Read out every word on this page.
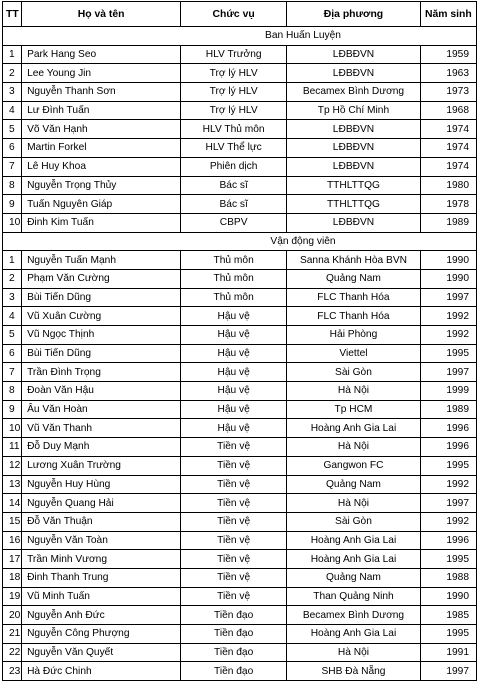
TT	Họ và tên	Chức vụ	Địa phương	Năm sinh
Ban Huấn Luyện				
1	Park Hang Seo	HLV Trưởng	LĐBĐVN	1959
2	Lee Young Jin	Trợ lý HLV	LĐBĐVN	1963
3	Nguyễn Thanh Sơn	Trợ lý HLV	Becamex Bình Dương	1973
4	Lư Đình Tuấn	Trợ lý HLV	Tp Hồ Chí Minh	1968
5	Võ Văn Hạnh	HLV Thủ môn	LĐBĐVN	1974
6	Martin Forkel	HLV Thể lực	LĐBĐVN	1974
7	Lê Huy Khoa	Phiên dịch	LĐBĐVN	1974
8	Nguyễn Trọng Thủy	Bác sĩ	TTHLTTQG	1980
9	Tuấn Nguyên Giáp	Bác sĩ	TTHLTTQG	1978
10	Đinh Kim Tuấn	CBPV	LĐBĐVN	1989
Vận động viên				
1	Nguyễn Tuấn Mạnh	Thủ môn	Sanna Khánh Hòa BVN	1990
2	Phạm Văn Cường	Thủ môn	Quảng Nam	1990
3	Bùi Tiến Dũng	Thủ môn	FLC Thanh Hóa	1997
4	Vũ Xuân Cường	Hậu vệ	FLC Thanh Hóa	1992
5	Vũ Ngọc Thịnh	Hậu vệ	Hải Phòng	1992
6	Bùi Tiến Dũng	Hậu vệ	Viettel	1995
7	Trần Đình Trọng	Hậu vệ	Sài Gòn	1997
8	Đoàn Văn Hậu	Hậu vệ	Hà Nội	1999
9	Âu Văn Hoàn	Hậu vệ	Tp HCM	1989
10	Vũ Văn Thanh	Hậu vệ	Hoàng Anh Gia Lai	1996
11	Đỗ Duy Mạnh	Tiền vệ	Hà Nội	1996
12	Lương Xuân Trường	Tiền vệ	Gangwon FC	1995
13	Nguyễn Huy Hùng	Tiền vệ	Quảng Nam	1992
14	Nguyễn Quang Hải	Tiền vệ	Hà Nội	1997
15	Đỗ Văn Thuận	Tiền vệ	Sài Gòn	1992
16	Nguyễn Văn Toàn	Tiền vệ	Hoàng Anh Gia Lai	1996
17	Trần Minh Vương	Tiền vệ	Hoàng Anh Gia Lai	1995
18	Đinh Thanh Trung	Tiền vệ	Quảng Nam	1988
19	Vũ Minh Tuấn	Tiền vệ	Than Quảng Ninh	1990
20	Nguyễn Anh Đức	Tiền đạo	Becamex Bình Dương	1985
21	Nguyễn Công Phượng	Tiền đạo	Hoàng Anh Gia Lai	1995
22	Nguyễn Văn Quyết	Tiền đạo	Hà Nội	1991
23	Hà Đức Chinh	Tiền đạo	SHB Đà Nẵng	1997
